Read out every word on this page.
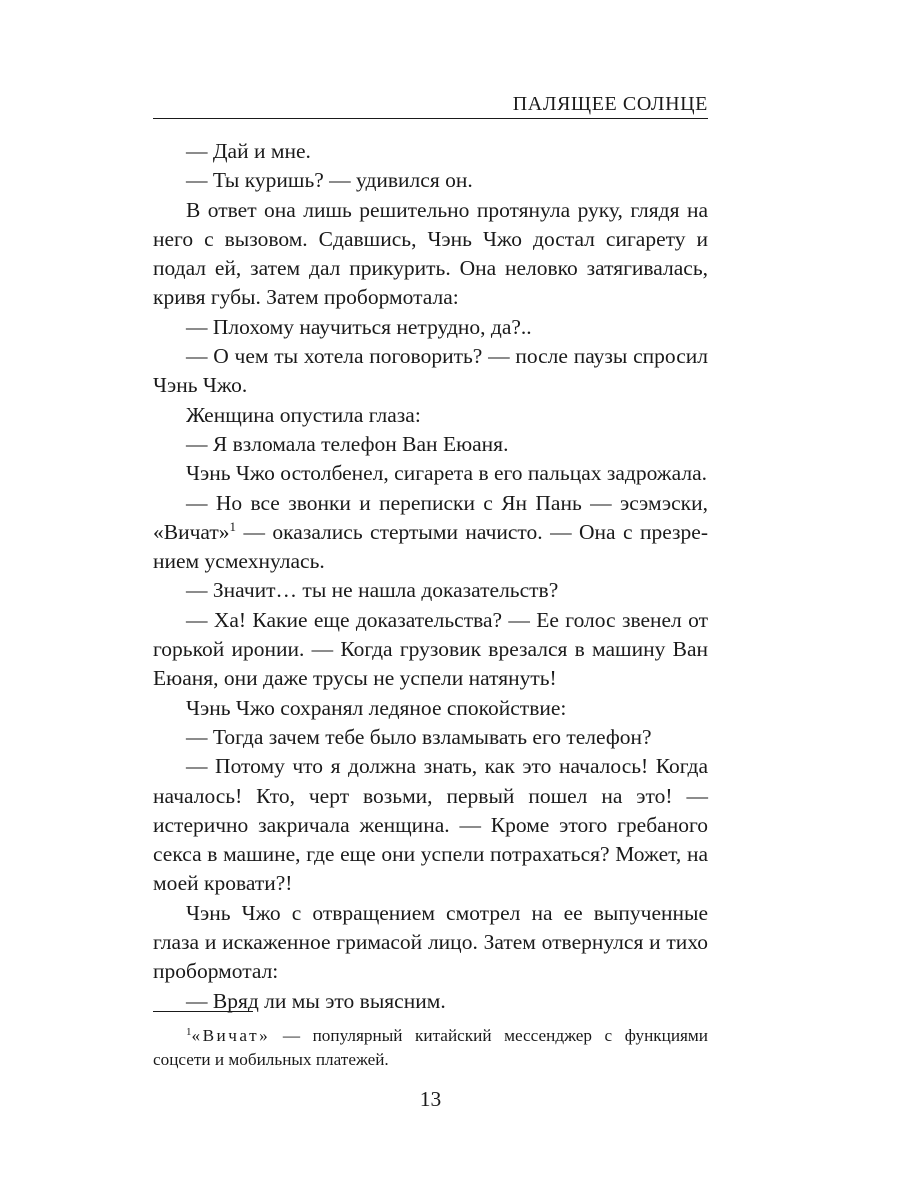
ПАЛЯЩЕЕ СОЛНЦЕ

— Дай и мне.

— Ты куришь? — удивился он.

В ответ она лишь решительно протянула руку, глядя на него с вызовом. Сдавшись, Чэнь Чжо достал сигарету и подал ей, затем дал прикурить. Она неловко затягивалась, кривя губы. Затем пробормотала:

— Плохому научиться нетрудно, да?..

— О чем ты хотела поговорить? — после паузы спросил Чэнь Чжо.

Женщина опустила глаза:

— Я взломала телефон Ван Еюаня.

Чэнь Чжо остолбенел, сигарета в его пальцах задрожала.

— Но все звонки и переписки с Ян Пань — эсэмэски, «Вичат»$^1$ — оказались стертыми начисто. — Она с презрением усмехнулась.

— Значит… ты не нашла доказательств?

— Ха! Какие еще доказательства? — Ее голос звенел от горькой иронии. — Когда грузовик врезался в машину Ван Еюаня, они даже трусы не успели натянуть!

Чэнь Чжо сохранял ледяное спокойствие:

— Тогда зачем тебе было взламывать его телефон?

— Потому что я должна знать, как это началось! Когда началось! Кто, черт возьми, первый пошел на это! — истерично закричала женщина. — Кроме этого гребаного секса в машине, где еще они успели потрахаться? Может, на моей кровати?!

Чэнь Чжо с отвращением смотрел на ее выпученные глаза и искаженное гримасой лицо. Затем отвернулся и тихо пробормотал:

— Вряд ли мы это выясним.

$^1$«Вичат» — популярный китайский мессенджер с функциями соцсети и мобильных платежей.

13
